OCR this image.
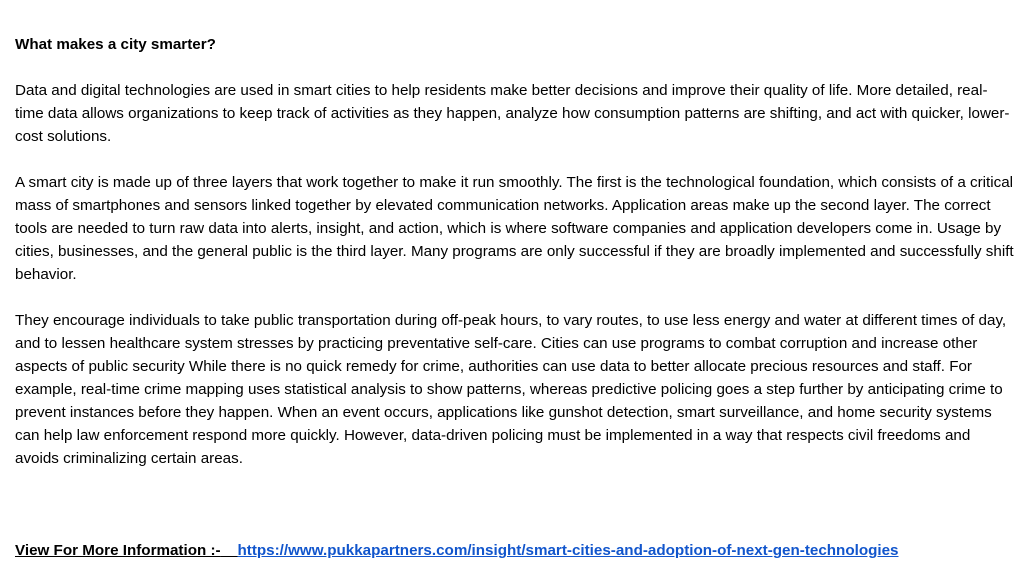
What makes a city smarter?

Data and digital technologies are used in smart cities to help residents make better decisions and improve their quality of life. More detailed, real-time data allows organizations to keep track of activities as they happen, analyze how consumption patterns are shifting, and act with quicker, lower-cost solutions.

A smart city is made up of three layers that work together to make it run smoothly. The first is the technological foundation, which consists of a critical mass of smartphones and sensors linked together by elevated communication networks. Application areas make up the second layer. The correct tools are needed to turn raw data into alerts, insight, and action, which is where software companies and application developers come in. Usage by cities, businesses, and the general public is the third layer. Many programs are only successful if they are broadly implemented and successfully shift behavior.

They encourage individuals to take public transportation during off-peak hours, to vary routes, to use less energy and water at different times of day, and to lessen healthcare system stresses by practicing preventative self-care. Cities can use programs to combat corruption and increase other aspects of public security While there is no quick remedy for crime, authorities can use data to better allocate precious resources and staff. For example, real-time crime mapping uses statistical analysis to show patterns, whereas predictive policing goes a step further by anticipating crime to prevent instances before they happen. When an event occurs, applications like gunshot detection, smart surveillance, and home security systems can help law enforcement respond more quickly. However, data-driven policing must be implemented in a way that respects civil freedoms and avoids criminalizing certain areas.

View For More Information :- https://www.pukkapartners.com/insight/smart-cities-and-adoption-of-next-gen-technologies
